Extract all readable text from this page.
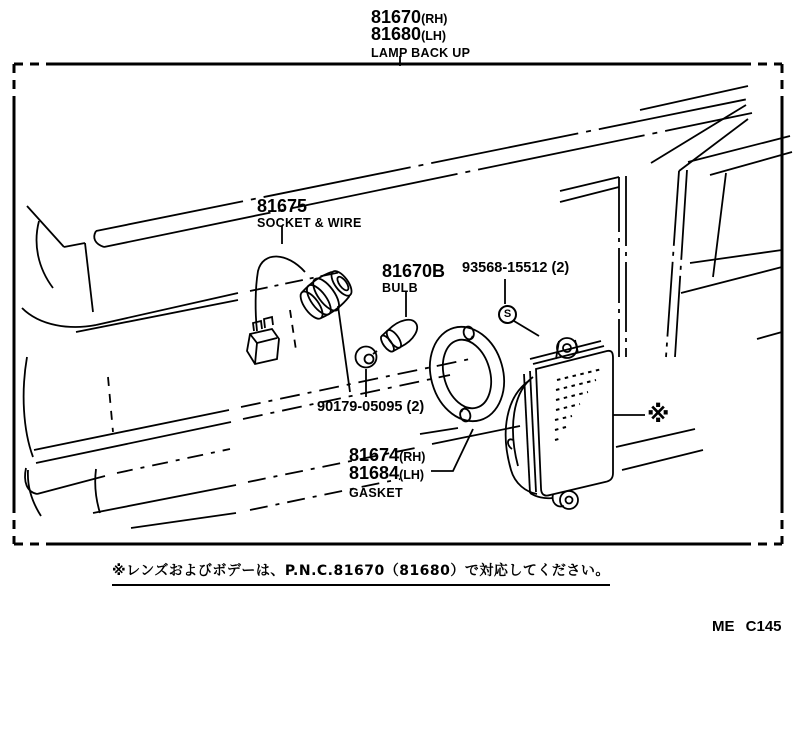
81670(RH)
81680(LH)
LAMP BACK UP
81675
SOCKET & WIRE
81670B
BULB
93568-15512 (2)
90179-05095 (2)
81674(RH)
81684(LH)
GASKET
S
※
※レンズおよびボデーは、P.N.C.81670（81680）で対応してください。
ME C145
